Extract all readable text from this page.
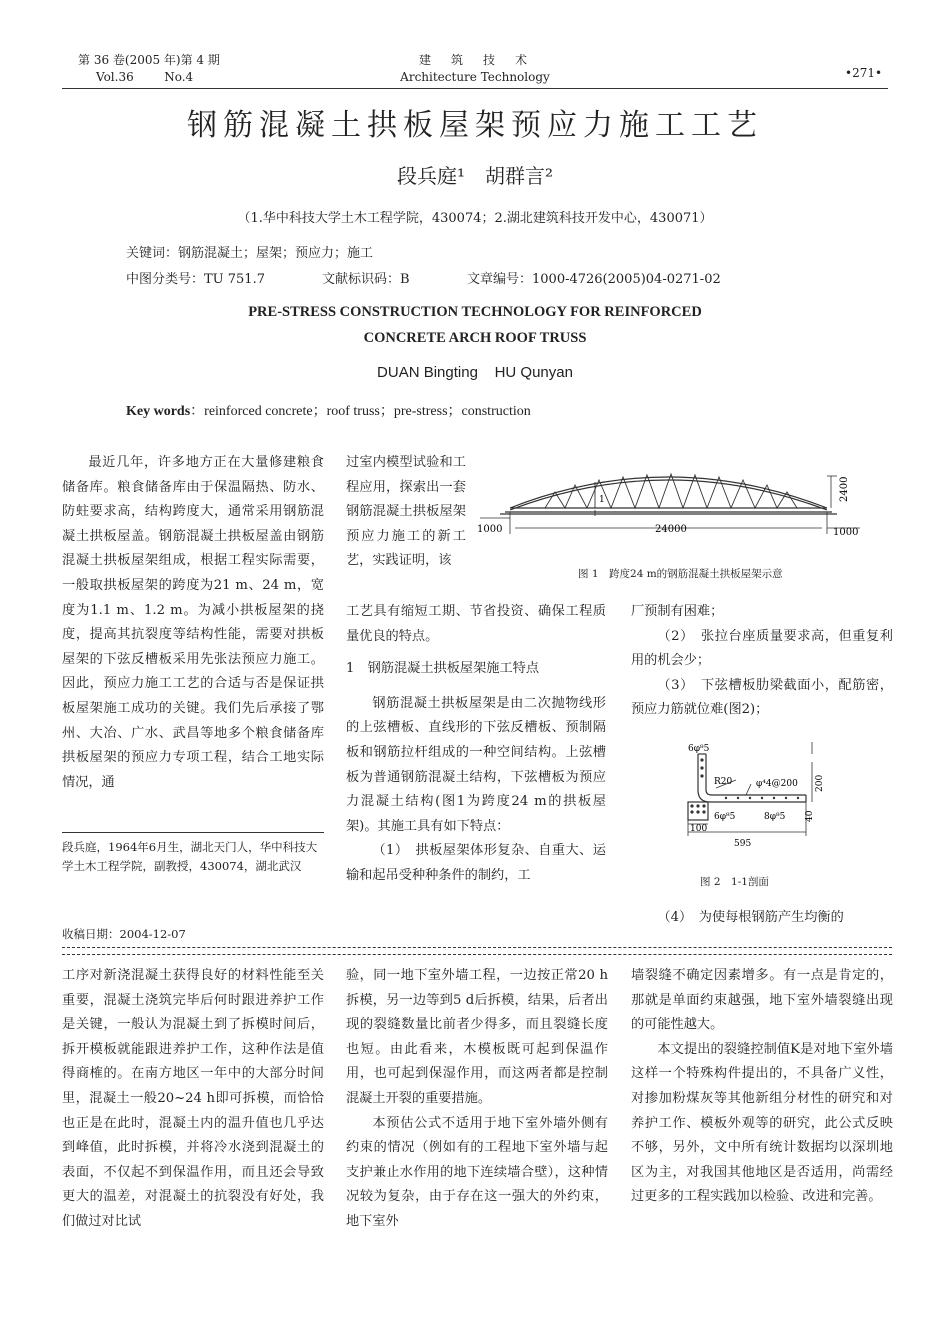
第 36 卷(2005 年)第 4 期
Vol.36        No.4
建　筑　技　术
Architecture Technology	•271•
钢筋混凝土拱板屋架预应力施工工艺
段兵庭¹　胡群言²
（1.华中科技大学土木工程学院，430074；2.湖北建筑科技开发中心，430071）
关键词：钢筋混凝土；屋架；预应力；施工
中图分类号：TU 751.7	文献标识码：B	文章编号：1000-4726(2005)04-0271-02
PRE-STRESS CONSTRUCTION TECHNOLOGY FOR REINFORCED
CONCRETE ARCH ROOF TRUSS
DUAN Bingting    HU Qunyan
Key words：reinforced concrete；roof truss；pre-stress；construction

最近几年，许多地方正在大量修建粮食储备库。粮食储备库由于保温隔热、防水、防蛀要求高，结构跨度大，通常采用钢筋混凝土拱板屋盖。钢筋混凝土拱板屋盖由钢筋混凝土拱板屋架组成，根据工程实际需要，一般取拱板屋架的跨度为21 m、24 m，宽度为1.1 m、1.2 m。为减小拱板屋架的挠度，提高其抗裂度等结构性能，需要对拱板屋架的下弦反槽板采用先张法预应力施工。因此，预应力施工工艺的合适与否是保证拱板屋架施工成功的关键。我们先后承接了鄂州、大冶、广水、武昌等地多个粮食储备库拱板屋架的预应力专项工程，结合工地实际情况，通

段兵庭，1964年6月生，湖北天门人，华中科技大学土木工程学院，副教授，430074，湖北武汉
收稿日期：2004-12-07

过室内模型试验和工程应用，探索出一套钢筋混凝土拱板屋架预应力施工的新工艺，实践证明，该

工艺具有缩短工期、节省投资、确保工程质量优良的特点。

1　钢筋混凝土拱板屋架施工特点

钢筋混凝土拱板屋架是由二次抛物线形的上弦槽板、直线形的下弦反槽板、预制隔板和钢筋拉杆组成的一种空间结构。上弦槽板为普通钢筋混凝土结构，下弦槽板为预应力混凝土结构(图1为跨度24 m的拱板屋架)。其施工具有如下特点：

（1）　拱板屋架体形复杂、自重大、运输和起吊受种种条件的制约，工

1000	24000	1000
2400
1
图 1　跨度24 m的钢筋混凝土拱板屋架示意

厂预制有困难；

（2）　张拉台座质量要求高，但重复利用的机会少；

（3）　下弦槽板肋梁截面小，配筋密，预应力筋就位难(图2)；

6φ⁸5
R20	φ⁴4@200 200
40
6φ⁸5	8φ⁸5
100
595
图 2　1-1剖面

（4）　为使每根钢筋产生均衡的

工序对新浇混凝土获得良好的材料性能至关重要，混凝土浇筑完毕后何时跟进养护工作是关键，一般认为混凝土到了拆模时间后，拆开模板就能跟进养护工作，这种作法是值得商榷的。在南方地区一年中的大部分时间里，混凝土一般20~24 h即可拆模，而恰恰也正是在此时，混凝土内的温升值也几乎达到峰值，此时拆模，并将冷水浇到混凝土的表面，不仅起不到保温作用，而且还会导致更大的温差，对混凝土的抗裂没有好处，我们做过对比试

验，同一地下室外墙工程，一边按正常20 h拆模，另一边等到5 d后拆模，结果，后者出现的裂缝数量比前者少得多，而且裂缝长度也短。由此看来，木模板既可起到保温作用，也可起到保湿作用，而这两者都是控制混凝土开裂的重要措施。

本预估公式不适用于地下室外墙外侧有约束的情况（例如有的工程地下室外墙与起支护兼止水作用的地下连续墙合壁），这种情况较为复杂，由于存在这一强大的外约束，地下室外

墙裂缝不确定因素增多。有一点是肯定的，那就是单面约束越强，地下室外墙裂缝出现的可能性越大。

本文提出的裂缝控制值K是对地下室外墙这样一个特殊构件提出的，不具备广义性，对掺加粉煤灰等其他新组分材性的研究和对养护工作、模板外观等的研究，此公式反映不够，另外，文中所有统计数据均以深圳地区为主，对我国其他地区是否适用，尚需经过更多的工程实践加以检验、改进和完善。
